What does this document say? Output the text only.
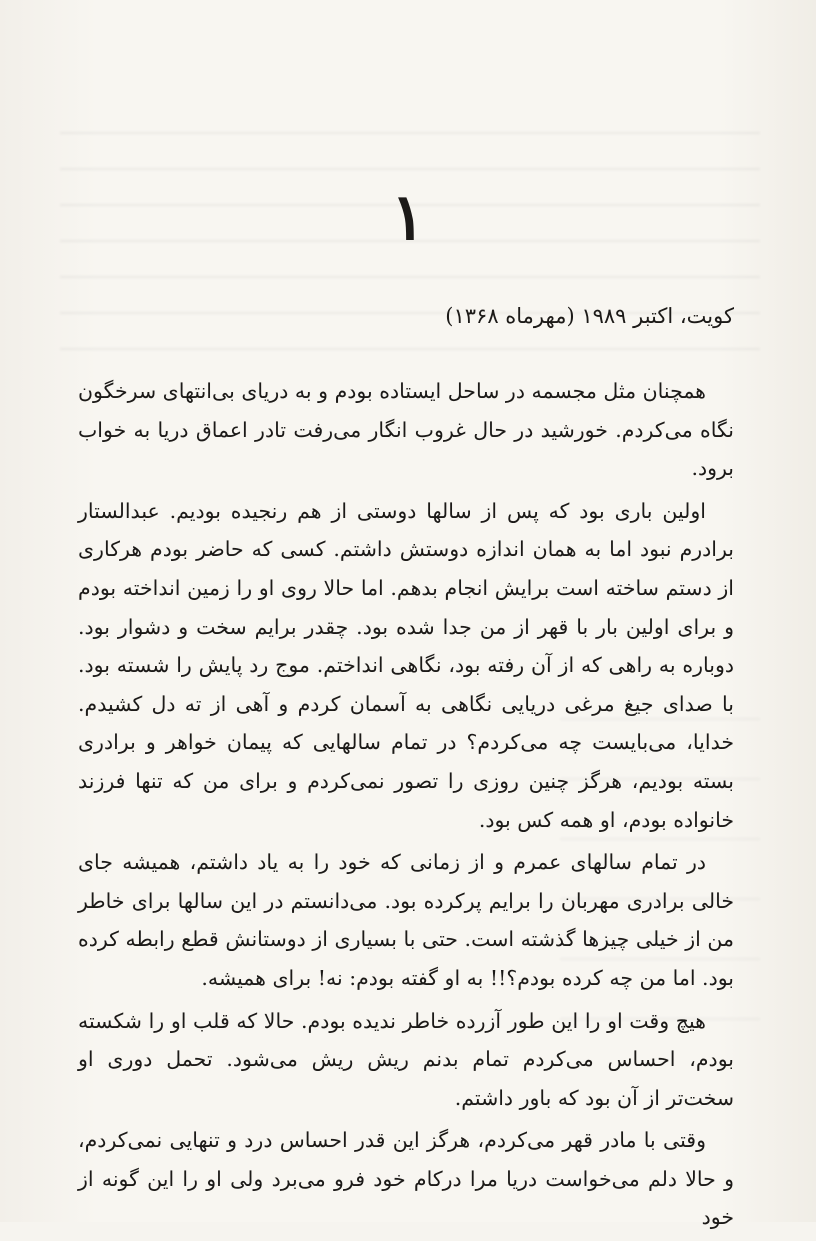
۱
کویت، اکتبر ۱۹۸۹ (مهرماه ۱۳۶۸)

همچنان مثل مجسمه در ساحل ایستاده بودم و به دریای بی‌انتهای سرخگون نگاه می‌کردم. خورشید در حال غروب انگار می‌رفت تادر اعماق دریا به خواب برود.

اولین باری بود که پس از سالها دوستی از هم رنجیده بودیم. عبدالستار برادرم نبود اما به همان اندازه دوستش داشتم. کسی که حاضر بودم هرکاری از دستم ساخته است برایش انجام بدهم. اما حالا روی او را زمین انداخته بودم و برای اولین بار با قهر از من جدا شده بود. چقدر برایم سخت و دشوار بود. دوباره به راهی که از آن رفته بود، نگاهی انداختم. موج رد پایش را شسته بود. با صدای جیغ مرغی دریایی نگاهی به آسمان کردم و آهی از ته دل کشیدم. خدایا، می‌بایست چه می‌کردم؟ در تمام سالهایی که پیمان خواهر و برادری بسته بودیم، هرگز چنین روزی را تصور نمی‌کردم و برای من که تنها فرزند خانواده بودم، او همه کس بود.

در تمام سالهای عمرم و از زمانی که خود را به یاد داشتم، همیشه جای خالی برادری مهربان را برایم پرکرده بود. می‌دانستم در این سالها برای خاطر من از خیلی چیزها گذشته است. حتی با بسیاری از دوستانش قطع رابطه کرده بود. اما من چه کرده بودم؟!! به او گفته بودم: نه! برای همیشه.

هیچ وقت او را این طور آزرده خاطر ندیده بودم. حالا که قلب او را شکسته بودم، احساس می‌کردم تمام بدنم ریش ریش می‌شود. تحمل دوری او سخت‌تر از آن بود که باور داشتم.

وقتی با مادر قهر می‌کردم، هرگز این قدر احساس درد و تنهایی نمی‌کردم، و حالا دلم می‌خواست دریا مرا درکام خود فرو می‌برد ولی او را این گونه از خود
